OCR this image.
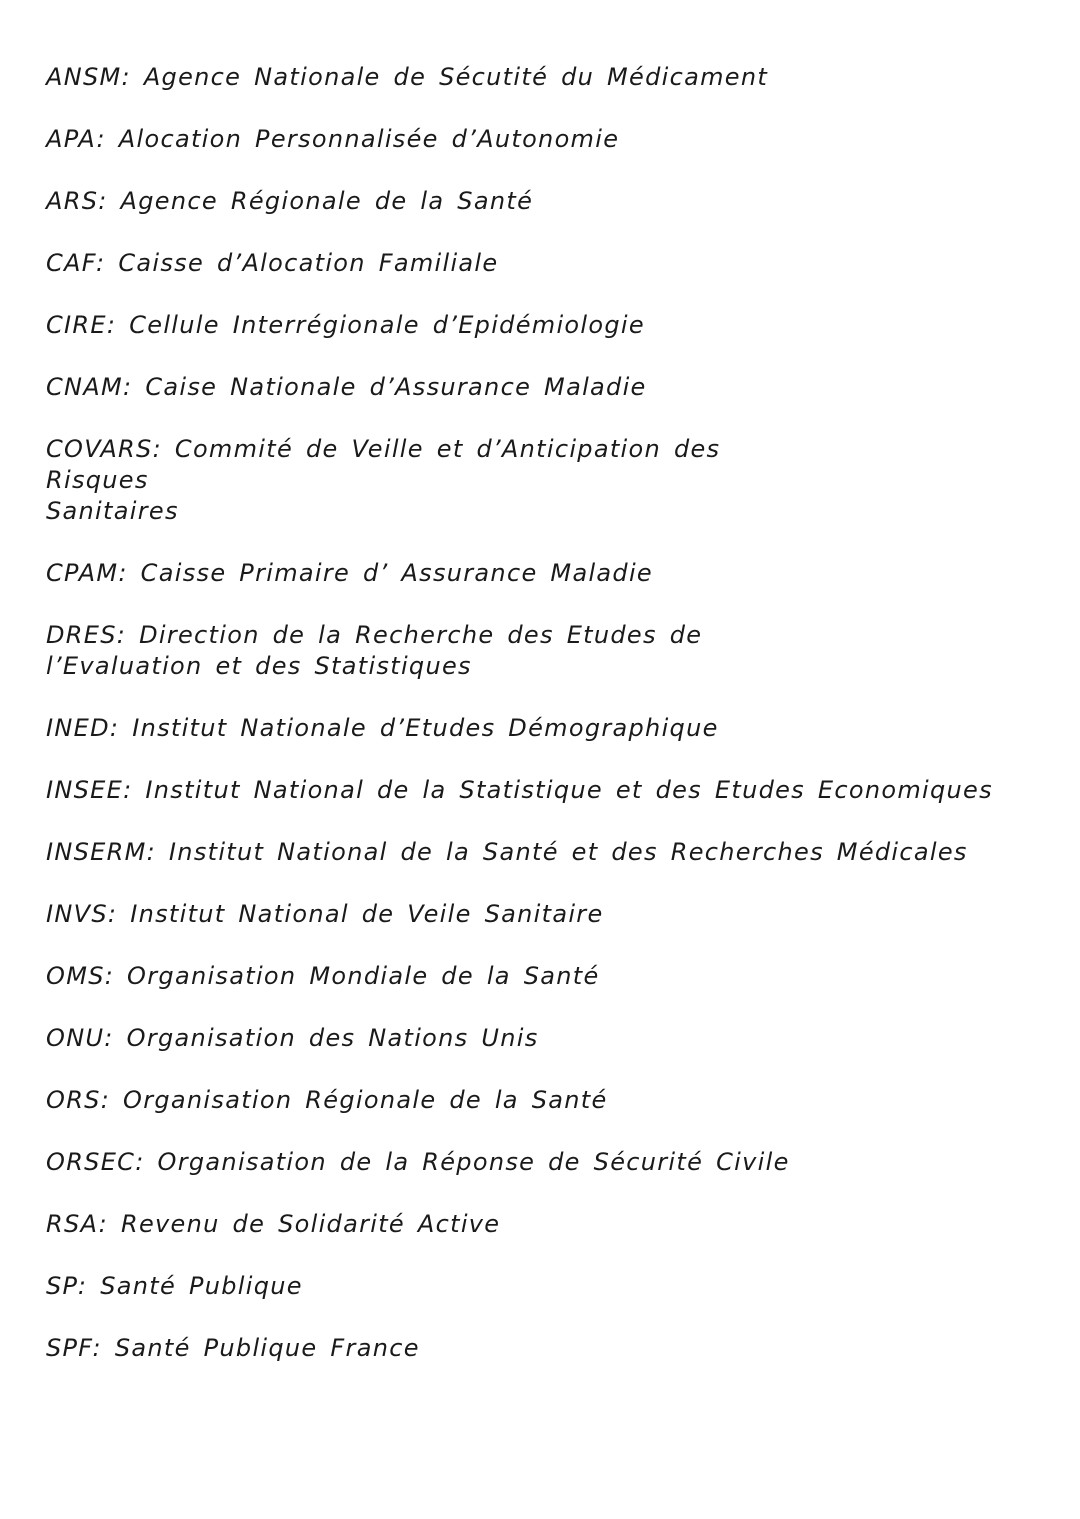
ANSM: Agence Nationale de Sécutité du Médicament

APA: Alocation Personnalisée d’Autonomie

ARS: Agence Régionale de la Santé

CAF: Caisse d’Alocation Familiale

CIRE: Cellule Interrégionale d’Epidémiologie

CNAM: Caise Nationale d’Assurance Maladie

COVARS: Commité de Veille et d’Anticipation des Risques
Sanitaires

CPAM: Caisse Primaire d’ Assurance Maladie

DRES: Direction de la Recherche des Etudes de
l’Evaluation et des Statistiques

INED: Institut Nationale d’Etudes Démographique

INSEE: Institut National de la Statistique et des Etudes Economiques

INSERM: Institut National de la Santé et des Recherches Médicales

INVS: Institut National de Veile Sanitaire

OMS: Organisation Mondiale de la Santé

ONU: Organisation des Nations Unis

ORS: Organisation Régionale de la Santé

ORSEC: Organisation de la Réponse de Sécurité Civile

RSA: Revenu de Solidarité Active

SP: Santé Publique

SPF: Santé Publique France
